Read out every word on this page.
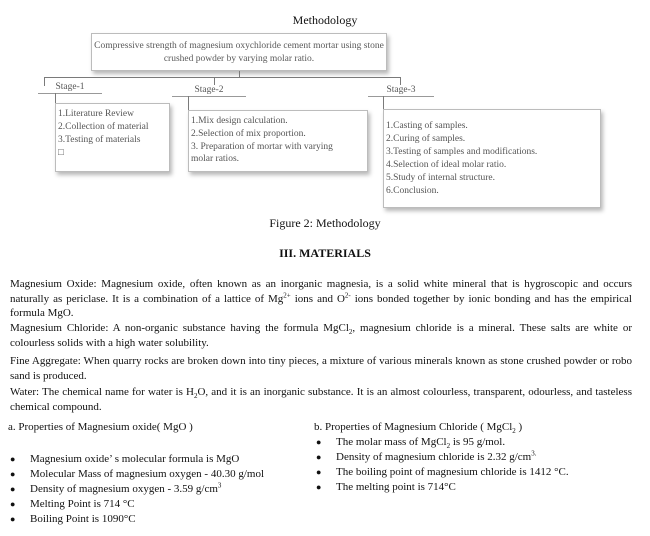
Methodology
Compressive strength of magnesium oxychloride cement mortar using stone crushed powder by varying molar ratio.
Stage-1	Stage-2	Stage-3
1.Literature Review
2.Collection of material
3.Testing of materials
□
1.Mix design calculation.
2.Selection of mix proportion.
3. Preparation of mortar with varying
molar ratios.
1.Casting of samples.
2.Curing of samples.
3.Testing of samples and modifications.
4.Selection of ideal molar ratio.
5.Study of internal structure.
6.Conclusion.
Figure 2: Methodology
III. MATERIALS
Magnesium Oxide: Magnesium oxide, often known as an inorganic magnesia, is a solid white mineral that is hygroscopic and occurs naturally as periclase. It is a combination of a lattice of $Mg^{2+}$ ions and $O^{2-}$ ions bonded together by ionic bonding and has the empirical formula MgO.
Magnesium Chloride: A non-organic substance having the formula MgCl$_2$, magnesium chloride is a mineral. These salts are white or colourless solids with a high water solubility.
Fine Aggregate: When quarry rocks are broken down into tiny pieces, a mixture of various minerals known as stone crushed powder or robo sand is produced.
Water: The chemical name for water is $H_2O$, and it is an inorganic substance. It is an almost colourless, transparent, odourless, and tasteless chemical compound.
a. Properties of Magnesium oxide( MgO )
● Magnesium oxide’ s molecular formula is MgO
● Molecular Mass of magnesium oxygen - 40.30 g/mol
● Density of magnesium oxygen - 3.59 $g/cm^3$
● Melting Point is 714 °C
● Boiling Point is 1090°C
b. Properties of Magnesium Chloride ( MgCl$_2$ )
● The molar mass of MgCl$_2$ is 95 g/mol.
● Density of magnesium chloride is 2.32 $g/cm^{3.}$
● The boiling point of magnesium chloride is 1412 °C.
● The melting point is 714°C
